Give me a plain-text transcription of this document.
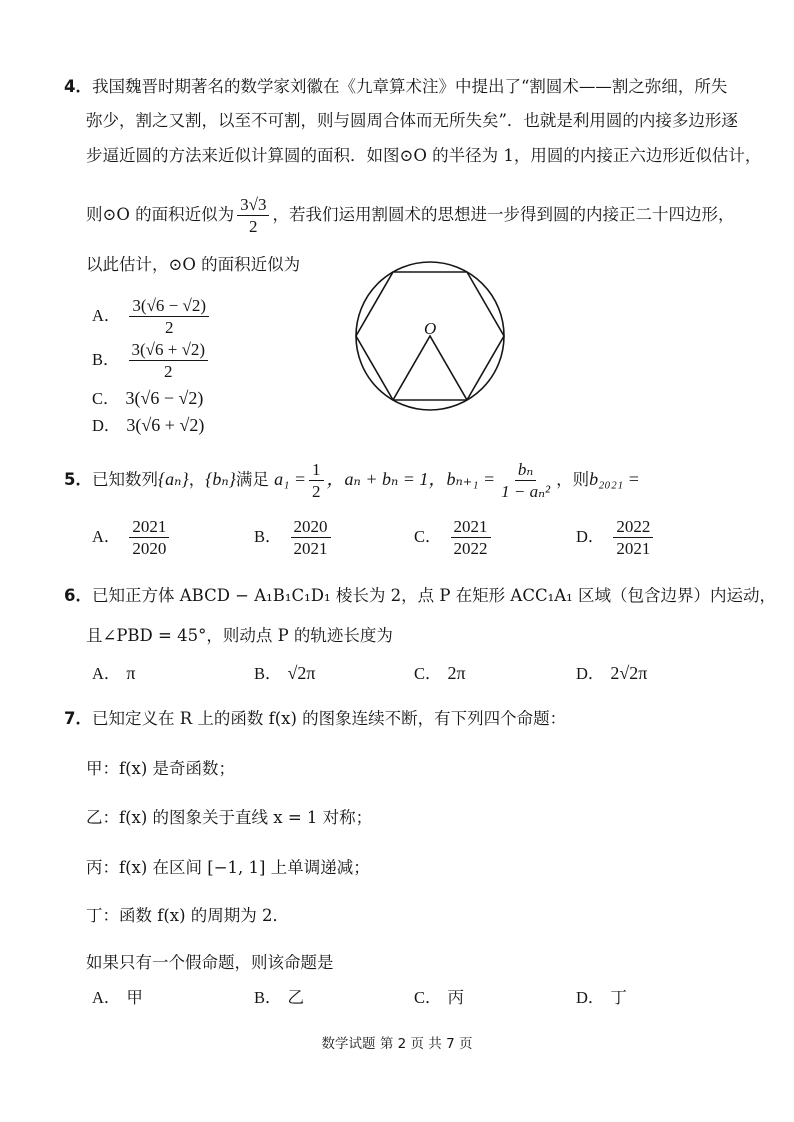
4．我国魏晋时期著名的数学家刘徽在《九章算术注》中提出了“割圆术——割之弥细，所失
弥少，割之又割，以至不可割，则与圆周合体而无所失矣”．也就是利用圆的内接多边形逐
步逼近圆的方法来近似计算圆的面积．如图⊙O 的半径为 1，用圆的内接正六边形近似估计，
则⊙O 的面积近似为 $\frac{3√3}{2}$ ，若我们运用割圆术的思想进一步得到圆的内接正二十四边形，
以此估计，⊙O 的面积近似为
A． $\frac{3(√6 - √2)}{2}$
B． $\frac{3(√6 + √2)}{2}$
C． 3(√6 − √2)
D． 3(√6 + √2)
O
5．已知数列{aₙ}，{bₙ}满足 $a_1 = \frac{1}{2}$ ，aₙ + bₙ = 1，$b_{n+1} = \frac{\text{bₙ}}{\text{1 − aₙ²}}$ ，则b₂₀₂₁ =
A． $\frac{2021}{2020}$	B． $\frac{2020}{2021}$	C． $\frac{2021}{2022}$	D． $\frac{2022}{2021}$
6．已知正方体 ABCD − A₁B₁C₁D₁ 棱长为 2，点 P 在矩形 ACC₁A₁ 区域（包含边界）内运动，
且∠PBD = 45°，则动点 P 的轨迹长度为
A． π	B． √2π	C． 2π	D． 2√2π
7．已知定义在 R 上的函数 f(x) 的图象连续不断，有下列四个命题：
甲：f(x) 是奇函数；
乙：f(x) 的图象关于直线 x = 1 对称；
丙：f(x) 在区间 [−1, 1] 上单调递减；
丁：函数 f(x) 的周期为 2．
如果只有一个假命题，则该命题是
A． 甲	B． 乙	C． 丙	D． 丁
数学试题 第 2 页 共 7 页
